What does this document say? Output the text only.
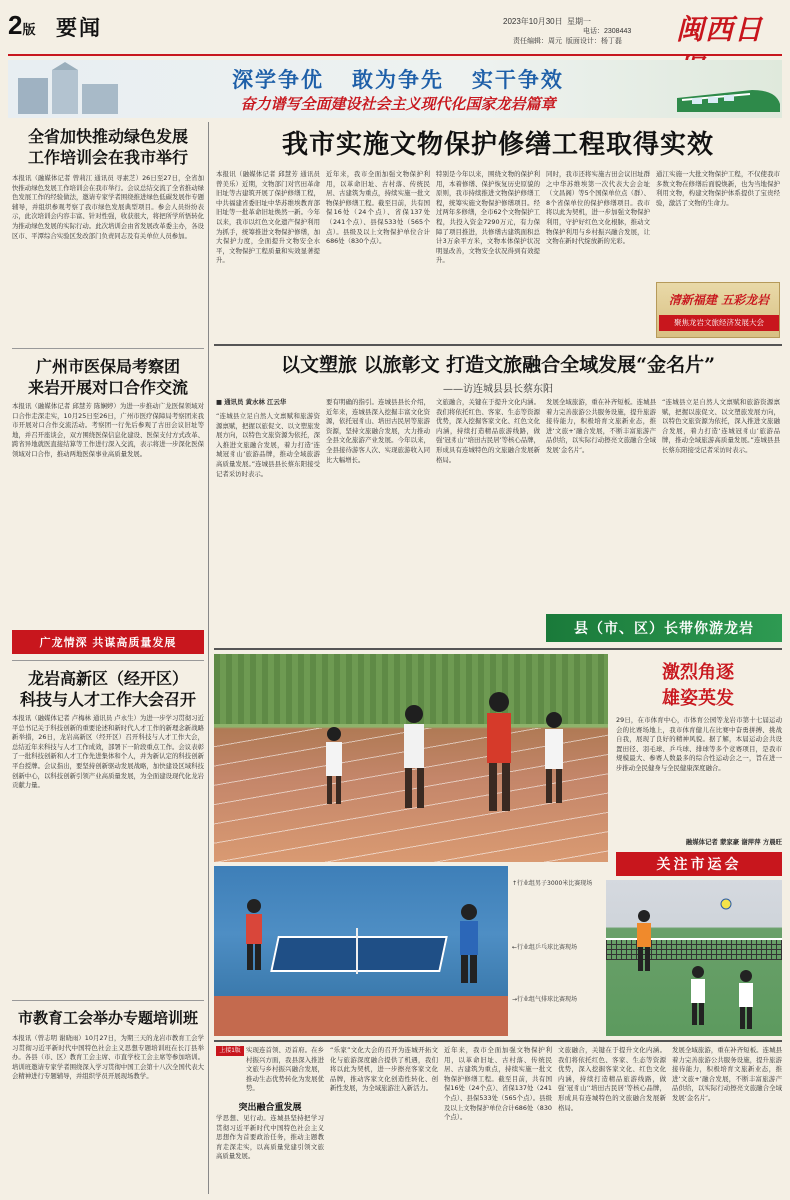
2版 要闻	2023年10月30日 星期一
电话：2308443
责任编辑：周元 版面设计：杨丁磊 闽西日
深学争优   敢为争先   实干争效
奋力谱写全面建设社会主义现代化国家龙岩篇章
全省加快推动绿色发展
工作培训会在我市举行
本报讯（融媒体记者 曾莉江 通讯员 寻素芝）26日至27日，全省加快推动绿色发展工作培训会在我市举行。会议总结交流了全省推动绿色发展工作的经验做法，邀请专家学者围绕推进绿色低碳发展作专题辅导，并组织参观考察了我市绿色发展典型项目。参会人员纷纷表示，此次培训会内容丰富、针对性强，收获很大，将把所学所悟转化为推动绿色发展的实际行动。此次培训会由省发展改革委主办，各设区市、平潭综合实验区发改部门负责同志及有关单位人员参加。
广州市医保局考察团
来岩开展对口合作交流
本报讯（融媒体记者 邱慧芳 陈娴婷）为进一步推动广龙医保领域对口合作走深走实，10月25日至26日，广州市医疗保障局考察团来我市开展对口合作交流活动。考察团一行先后参观了古田会议旧址等地，并召开座谈会，双方围绕医保信息化建设、医保支付方式改革、跨省异地就医直接结算等工作进行深入交流，表示将进一步深化医保领域对口合作，推动两地医保事业高质量发展。
广龙情深 共谋高质量发展
龙岩高新区（经开区）
科技与人才工作大会召开
本报讯（融媒体记者 卢梅林 通讯员 卢永生）为进一步学习贯彻习近平总书记关于科技创新的重要论述和新时代人才工作的新理念新战略新举措，26日，龙岩高新区（经开区）召开科技与人才工作大会，总结近年来科技与人才工作成效，部署下一阶段重点工作。会议表彰了一批科技创新和人才工作先进集体和个人，并为新认定的科技创新平台授牌。会议指出，要坚持创新驱动发展战略，加快建设区域科技创新中心，以科技创新引领产业高质量发展，为全面建设现代化龙岩贡献力量。
市教育工会举办专题培训班
本报讯（曾志明 谢晓雨）10月27日，为期三天的龙岩市教育工会学习贯彻习近平新时代中国特色社会主义思想专题培训班在长汀县举办。各县（市、区）教育工会主席、市直学校工会主席等参加培训。培训班邀请专家学者围绕深入学习贯彻中国工会第十八次全国代表大会精神进行专题辅导，并组织学员开展现场教学。
我市实施文物保护修缮工程取得实效
本报讯（融媒体记者 邱慧芳 通讯员 曾美乐）近期，文物部门对官田革命旧址等古建筑开展了保护修缮工程，中共福建省委旧址中华苏维埃教育部旧址等一批革命旧址焕然一新。今年以来，我市以红色文化遗产保护利用为抓手，统筹推进文物保护修缮，加大保护力度，全面提升文物安全水平，文物保护工程质量和实效显著提升。
近年来，我市全面加强文物保护利用，以革命旧址、古村落、传统民居、古建筑为重点，持续实施一批文物保护修缮工程。截至目前，共有国保16处（24个点）、省保137处（241个点）、县保533处（565个点）。县级及以上文物保护单位合计686处（830个点）。
特别是今年以来，围绕文物的保护利用，本着修缮、保护恢复历史原貌的原则，我市持续推进文物保护修缮工程，统筹实施文物保护修缮项目。经过两年多修缮，全市62个文物保护工程，共投入资金7290万元，有力保障了项目推进，共修缮古建筑面积总计3万余平方米，文物本体保护状况明显改善，文物安全状况得到有效提升。
同时，我市还将实施古田会议旧址群之中华苏维埃第一次代表大会会址（文昌阁）等5个国保单位点（群）、8个省保单位的保护修缮项目。我市将以此为契机，进一步加强文物保护利用，守护好红色文化根脉，推动文物保护利用与乡村振兴融合发展，让文物在新时代绽放新的光彩。
通江实施一大批文物保护工程，不仅使我市多数文物在修缮后面貌焕新，也为当地保护利用文物，构建文物保护体系提供了宝贵经验，激活了文物的生命力。
清新福建 五彩龙岩
聚焦龙岩文旅经济发展大会
以文塑旅 以旅彰文 打造文旅融合全域发展“金名片”
——访连城县县长蔡东阳
■ 通讯员 黄水林 江云华
“连城县立足自然人文禀赋和旅游资源禀赋，把握以旅促文、以文塑旅发展方向，以特色文旅资源为依托，深入推进文旅融合发展，着力打造‘连城冠豸山’旅游品牌，推动全域旅游高质量发展。”连城县县长蔡东阳接受记者采访时表示。
要有明确的指引。连城县县长介绍，近年来，连城县深入挖掘丰富文化资源，依托冠豸山、培田古民居等旅游资源，坚持文旅融合发展，大力推动全县文化旅游产业发展。今年以来，全县接待游客人次、实现旅游收入同比大幅增长。
文旅融合，关键在于提升文化内涵。我们将依托红色、客家、生态等资源优势，深入挖掘客家文化、红色文化内涵，持续打造精品旅游线路，做强‘冠豸山’‘培田古民居’等核心品牌，形成具有连城特色的文旅融合发展新格局。
发展全域旅游，重在补齐短板。连城县着力完善旅游公共服务设施，提升旅游接待能力，积极培育文旅新业态，推进‘文旅+’融合发展，不断丰富旅游产品供给，以实际行动擦亮文旅融合全域发展‘金名片’。
“连城县立足自然人文禀赋和旅游资源禀赋，把握以旅促文、以文塑旅发展方向，以特色文旅资源为依托，深入推进文旅融合发展，着力打造‘连城冠豸山’旅游品牌，推动全域旅游高质量发展。”连城县县长蔡东阳接受记者采访时表示。
县（市、区）长带你游龙岩
激烈角逐
雄姿英发
29日，在市体育中心，市体育公园等龙岩市第十七届运动会的比赛场地上，我市体育健儿在比赛中奋勇拼搏、挑战自我，展现了良好的精神风貌。据了解，本届运动会共设置田径、羽毛球、乒乓球、排球等多个竞赛项目，是我市规模最大、参赛人数最多的综合性运动会之一，旨在进一步推动全民健身与全民健康深度融合。
融媒体记者 蒙家豪 谢萍萍 方晨旺
关注市运会
↑行业组男子3000米比赛现场
←行业组乒乓球比赛现场
→行业组气排球比赛现场
上接1版 实现连首领、迈首府。在乡村振兴方面，我县深入推进文旅与乡村振兴融合发展，推动生态优势转化为发展优势。
突出融合重发展
学思想、见行动。连城县坚持把学习贯彻习近平新时代中国特色社会主义思想作为首要政治任务，推动主题教育走深走实，以高质量党建引领文旅高质量发展。
“乐家”文化大会的召开为连城开拓文化与旅游深度融合提供了机遇，我们将以此为契机，进一步擦亮客家文化品牌，推动客家文化创造性转化、创新性发展，为全域旅游注入新活力。
近年来，我市全面加强文物保护利用，以革命旧址、古村落、传统民居、古建筑为重点，持续实施一批文物保护修缮工程。截至目前，共有国保16处（24个点）、省保137处（241个点）、县保533处（565个点）。县级及以上文物保护单位合计686处（830个点）。
文旅融合，关键在于提升文化内涵。我们将依托红色、客家、生态等资源优势，深入挖掘客家文化、红色文化内涵，持续打造精品旅游线路，做强‘冠豸山’‘培田古民居’等核心品牌，形成具有连城特色的文旅融合发展新格局。
发展全域旅游，重在补齐短板。连城县着力完善旅游公共服务设施，提升旅游接待能力，积极培育文旅新业态，推进‘文旅+’融合发展，不断丰富旅游产品供给，以实际行动擦亮文旅融合全域发展‘金名片’。
